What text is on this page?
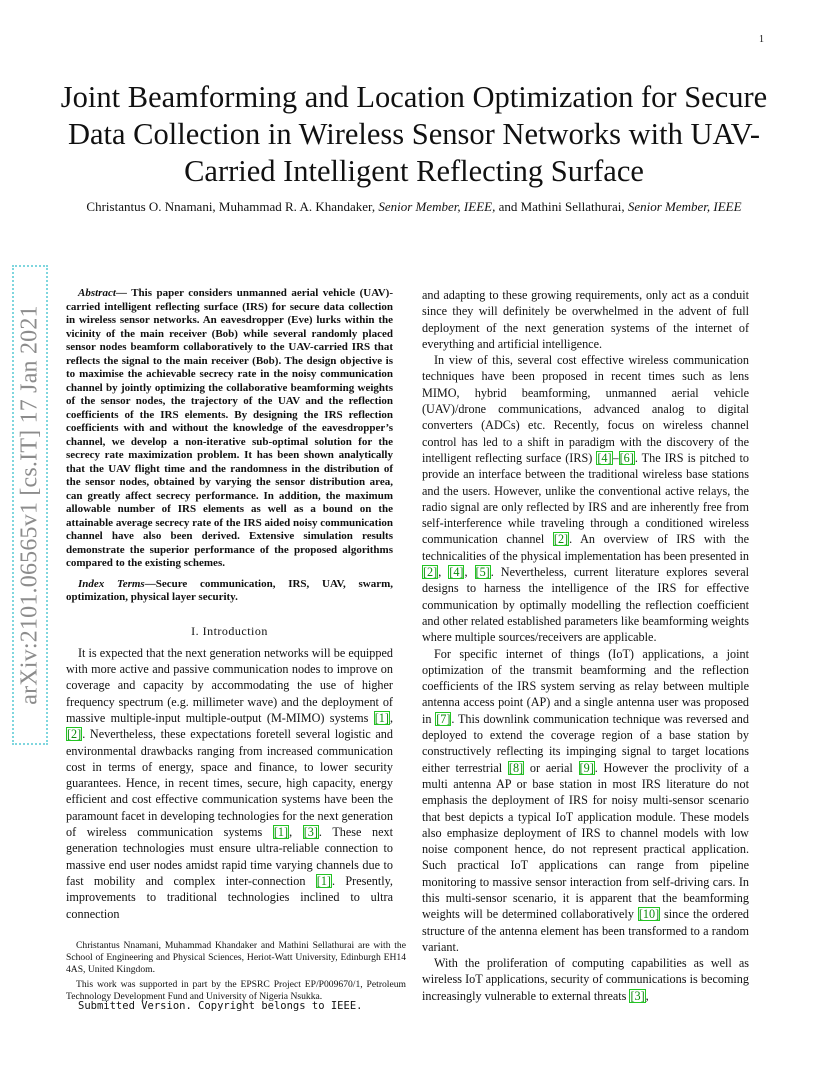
1
Joint Beamforming and Location Optimization for Secure Data Collection in Wireless Sensor Networks with UAV-Carried Intelligent Reflecting Surface
Christantus O. Nnamani, Muhammad R. A. Khandaker, Senior Member, IEEE, and Mathini Sellathurai, Senior Member, IEEE
arXiv:2101.06565v1 [cs.IT] 17 Jan 2021

Abstract— This paper considers unmanned aerial vehicle (UAV)-carried intelligent reflecting surface (IRS) for secure data collection in wireless sensor networks. An eavesdropper (Eve) lurks within the vicinity of the main receiver (Bob) while several randomly placed sensor nodes beamform collaboratively to the UAV-carried IRS that reflects the signal to the main receiver (Bob). The design objective is to maximise the achievable secrecy rate in the noisy communication channel by jointly optimizing the collaborative beamforming weights of the sensor nodes, the trajectory of the UAV and the reflection coefficients of the IRS elements. By designing the IRS reflection coefficients with and without the knowledge of the eavesdropper’s channel, we develop a non-iterative sub-optimal solution for the secrecy rate maximization problem. It has been shown analytically that the UAV flight time and the randomness in the distribution of the sensor nodes, obtained by varying the sensor distribution area, can greatly affect secrecy performance. In addition, the maximum allowable number of IRS elements as well as a bound on the attainable average secrecy rate of the IRS aided noisy communication channel have also been derived. Extensive simulation results demonstrate the superior performance of the proposed algorithms compared to the existing schemes.

Index Terms—Secure communication, IRS, UAV, swarm, optimization, physical layer security.

I. Introduction

It is expected that the next generation networks will be equipped with more active and passive communication nodes to improve on coverage and capacity by accommodating the use of higher frequency spectrum (e.g. millimeter wave) and the deployment of massive multiple-input multiple-output (M-MIMO) systems [1], [2]. Nevertheless, these expectations foretell several logistic and environmental drawbacks ranging from increased communication cost in terms of energy, space and finance, to lower security guarantees. Hence, in recent times, secure, high capacity, energy efficient and cost effective communication systems have been the paramount facet in developing technologies for the next generation of wireless communication systems [1], [3]. These next generation technologies must ensure ultra-reliable connection to massive end user nodes amidst rapid time varying channels due to fast mobility and complex inter-connection [1]. Presently, improvements to traditional technologies inclined to ultra connection

Christantus Nnamani, Muhammad Khandaker and Mathini Sellathurai are with the School of Engineering and Physical Sciences, Heriot-Watt University, Edinburgh EH14 4AS, United Kingdom.

This work was supported in part by the EPSRC Project EP/P009670/1, Petroleum Technology Development Fund and University of Nigeria Nsukka.

Submitted Version. Copyright belongs to IEEE.

and adapting to these growing requirements, only act as a conduit since they will definitely be overwhelmed in the advent of full deployment of the next generation systems of the internet of everything and artificial intelligence.

In view of this, several cost effective wireless communication techniques have been proposed in recent times such as lens MIMO, hybrid beamforming, unmanned aerial vehicle (UAV)/drone communications, advanced analog to digital converters (ADCs) etc. Recently, focus on wireless channel control has led to a shift in paradigm with the discovery of the intelligent reflecting surface (IRS) [4]–[6]. The IRS is pitched to provide an interface between the traditional wireless base stations and the users. However, unlike the conventional active relays, the radio signal are only reflected by IRS and are inherently free from self-interference while traveling through a conditioned wireless communication channel [2]. An overview of IRS with the technicalities of the physical implementation has been presented in [2], [4], [5]. Nevertheless, current literature explores several designs to harness the intelligence of the IRS for effective communication by optimally modelling the reflection coefficient and other related established parameters like beamforming weights where multiple sources/receivers are applicable.

For specific internet of things (IoT) applications, a joint optimization of the transmit beamforming and the reflection coefficients of the IRS system serving as relay between multiple antenna access point (AP) and a single antenna user was proposed in [7]. This downlink communication technique was reversed and deployed to extend the coverage region of a base station by constructively reflecting its impinging signal to target locations either terrestrial [8] or aerial [9]. However the proclivity of a multi antenna AP or base station in most IRS literature do not emphasis the deployment of IRS for noisy multi-sensor scenario that best depicts a typical IoT application module. These models also emphasize deployment of IRS to channel models with low noise component hence, do not represent practical application. Such practical IoT applications can range from pipeline monitoring to massive sensor interaction from self-driving cars. In this multi-sensor scenario, it is apparent that the beamforming weights will be determined collaboratively [10] since the ordered structure of the antenna element has been transformed to a random variant.

With the proliferation of computing capabilities as well as wireless IoT applications, security of communications is becoming increasingly vulnerable to external threats [3],
